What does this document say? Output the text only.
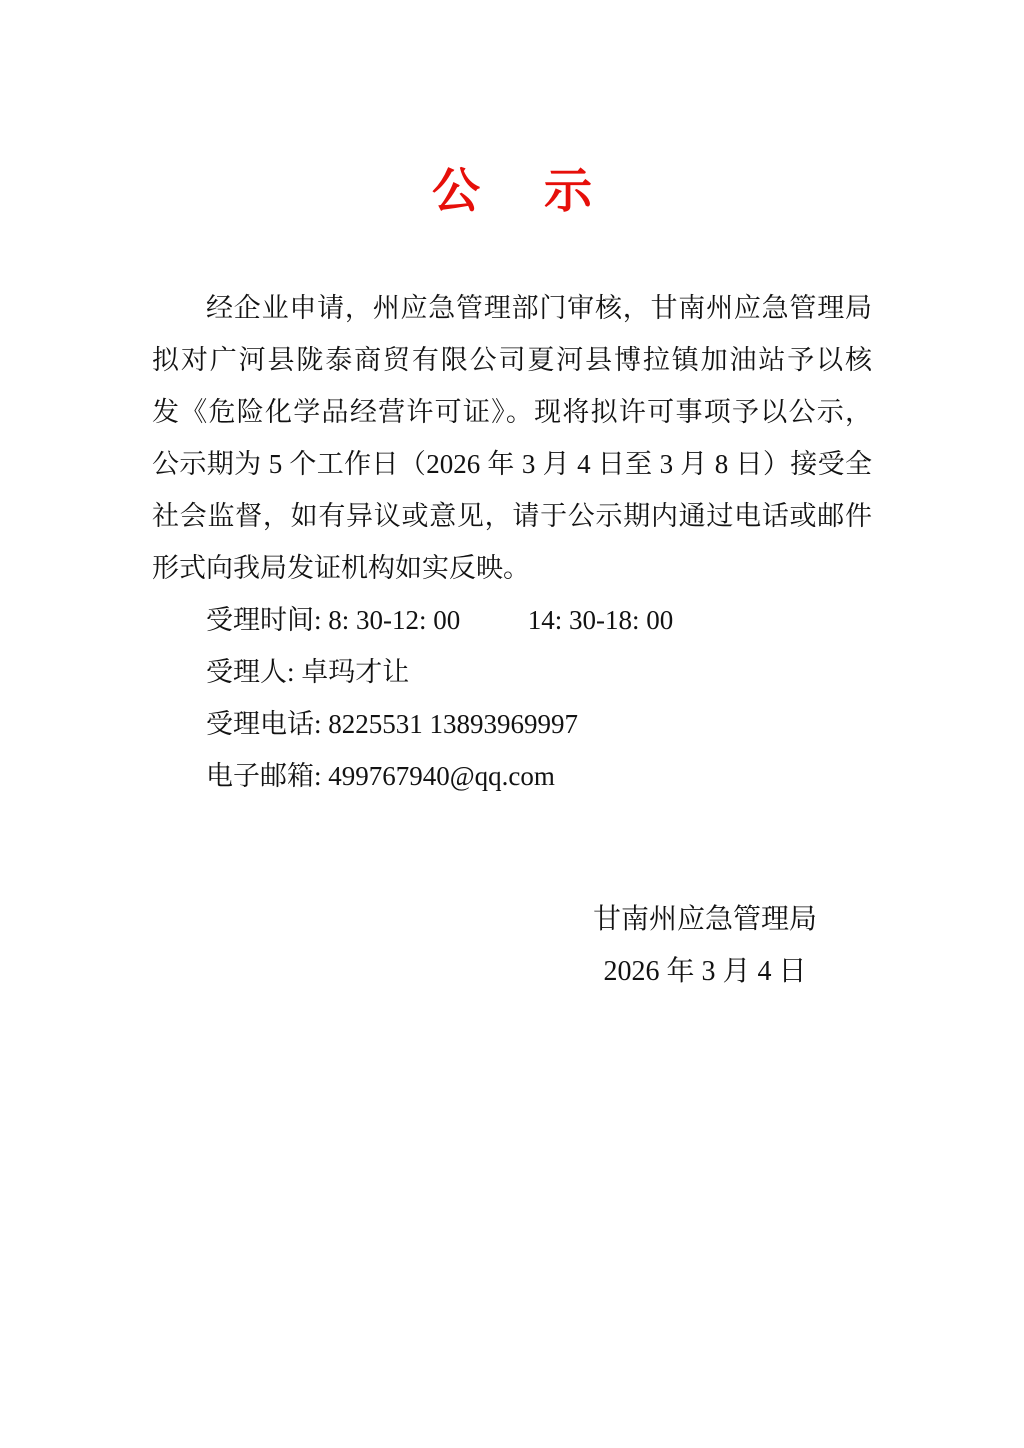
公 示

经企业申请，州应急管理部门审核，甘南州应急管理局

拟对广河县陇泰商贸有限公司夏河县博拉镇加油站予以核

发《危险化学品经营许可证》。现将拟许可事项予以公示，

公示期为 5 个工作日（2026 年 3 月 4 日至 3 月 8 日）接受全

社会监督，如有异议或意见，请于公示期内通过电话或邮件

形式向我局发证机构如实反映。

受理时间: 8: 30-12: 00          14: 30-18: 00

受理人: 卓玛才让

受理电话: 8225531 13893969997

电子邮箱: 499767940@qq.com

甘南州应急管理局
2026 年 3 月 4 日
